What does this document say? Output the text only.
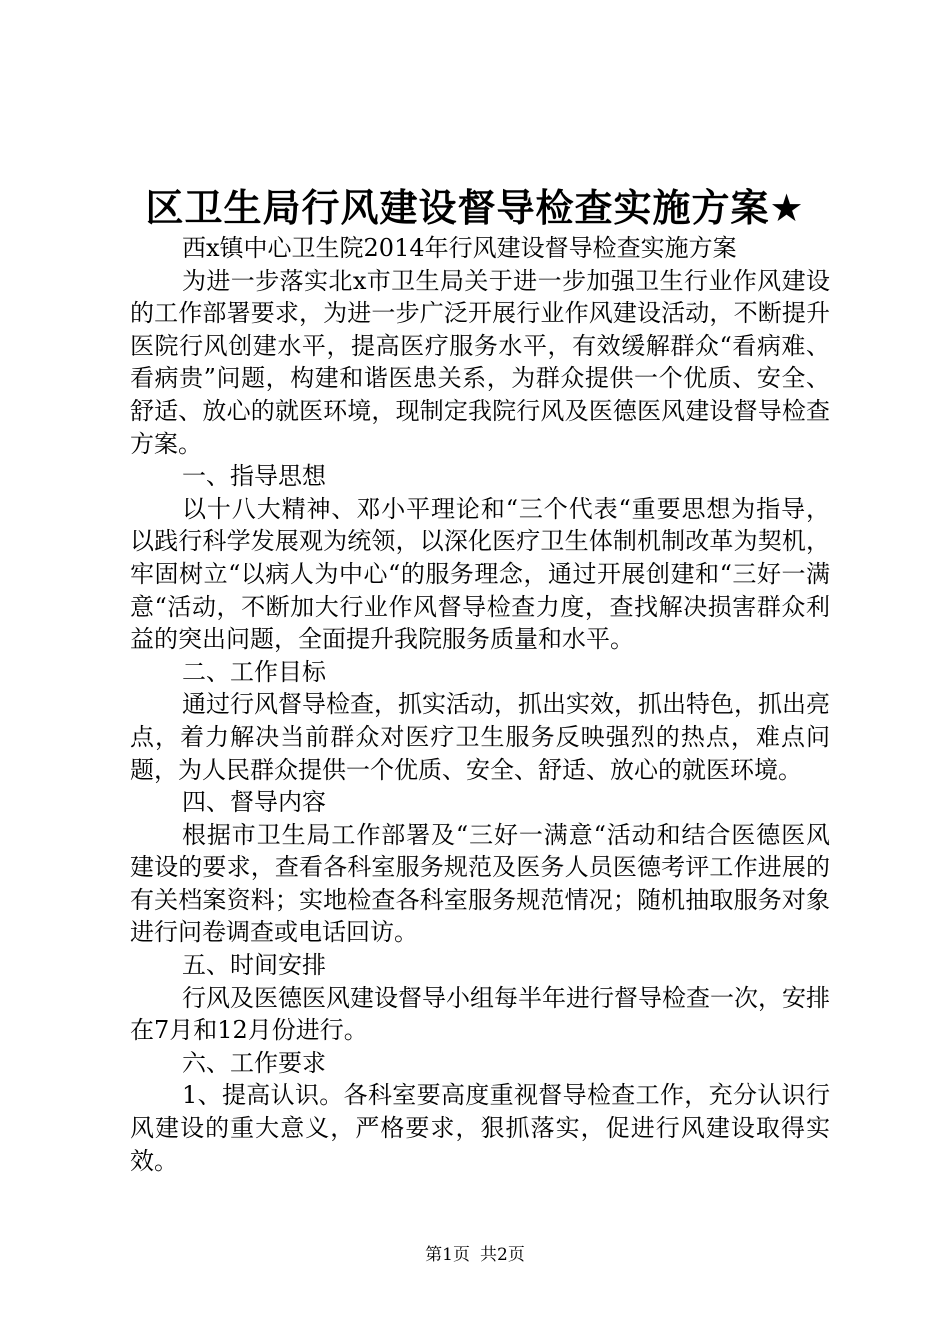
区卫生局行风建设督导检查实施方案★

西x镇中心卫生院2014年行风建设督导检查实施方案

为进一步落实北x市卫生局关于进一步加强卫生行业作风建设的工作部署要求，为进一步广泛开展行业作风建设活动，不断提升医院行风创建水平，提高医疗服务水平，有效缓解群众“看病难、看病贵”问题，构建和谐医患关系，为群众提供一个优质、安全、舒适、放心的就医环境，现制定我院行风及医德医风建设督导检查方案。

一、指导思想

以十八大精神、邓小平理论和“三个代表“重要思想为指导，以践行科学发展观为统领，以深化医疗卫生体制机制改革为契机，牢固树立“以病人为中心“的服务理念，通过开展创建和“三好一满意“活动，不断加大行业作风督导检查力度，查找解决损害群众利益的突出问题，全面提升我院服务质量和水平。

二、工作目标

通过行风督导检查，抓实活动，抓出实效，抓出特色，抓出亮点，着力解决当前群众对医疗卫生服务反映强烈的热点，难点问题，为人民群众提供一个优质、安全、舒适、放心的就医环境。

四、督导内容

根据市卫生局工作部署及“三好一满意“活动和结合医德医风建设的要求，查看各科室服务规范及医务人员医德考评工作进展的有关档案资料；实地检查各科室服务规范情况；随机抽取服务对象进行问卷调查或电话回访。

五、时间安排

行风及医德医风建设督导小组每半年进行督导检查一次，安排在7月和12月份进行。

六、工作要求

1、提高认识。各科室要高度重视督导检查工作，充分认识行风建设的重大意义，严格要求，狠抓落实，促进行风建设取得实效。

第1页 共2页
